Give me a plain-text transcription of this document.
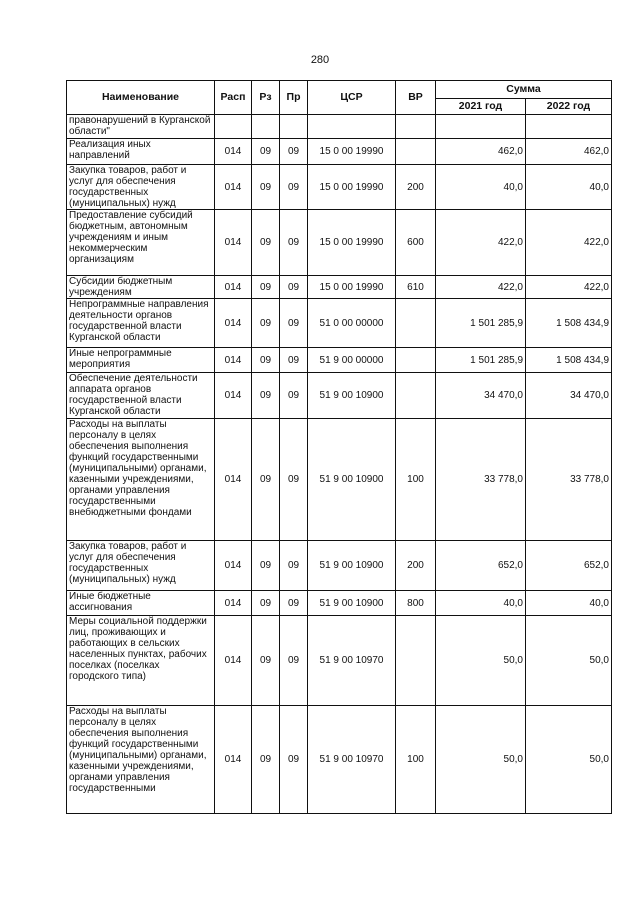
280
Наименование	Расп	Рз	Пр	ЦСР	ВР	Сумма	
						2021 год	2022 год
правонарушений в Курганской области"							
Реализация иных направлений	014	09	09	15 0 00 19990		462,0	462,0
Закупка товаров, работ и услуг для обеспечения государственных (муниципальных) нужд	014	09	09	15 0 00 19990	200	40,0	40,0
Предоставление субсидий бюджетным, автономным учреждениям и иным некоммерческим организациям	014	09	09	15 0 00 19990	600	422,0	422,0
Субсидии бюджетным учреждениям	014	09	09	15 0 00 19990	610	422,0	422,0
Непрограммные направления деятельности органов государственной власти Курганской области	014	09	09	51 0 00 00000		1 501 285,9	1 508 434,9
Иные непрограммные мероприятия	014	09	09	51 9 00 00000		1 501 285,9	1 508 434,9
Обеспечение деятельности аппарата органов государственной власти Курганской области	014	09	09	51 9 00 10900		34 470,0	34 470,0
Расходы на выплаты персоналу в целях обеспечения выполнения функций государственными (муниципальными) органами, казенными учреждениями, органами управления государственными внебюджетными фондами	014	09	09	51 9 00 10900	100	33 778,0	33 778,0
Закупка товаров, работ и услуг для обеспечения государственных (муниципальных) нужд	014	09	09	51 9 00 10900	200	652,0	652,0
Иные бюджетные ассигнования	014	09	09	51 9 00 10900	800	40,0	40,0
Меры социальной поддержки лиц, проживающих и работающих в сельских населенных пунктах, рабочих поселках (поселках городского типа)	014	09	09	51 9 00 10970		50,0	50,0
Расходы на выплаты персоналу в целях обеспечения выполнения функций государственными (муниципальными) органами, казенными учреждениями, органами управления государственными	014	09	09	51 9 00 10970	100	50,0	50,0
